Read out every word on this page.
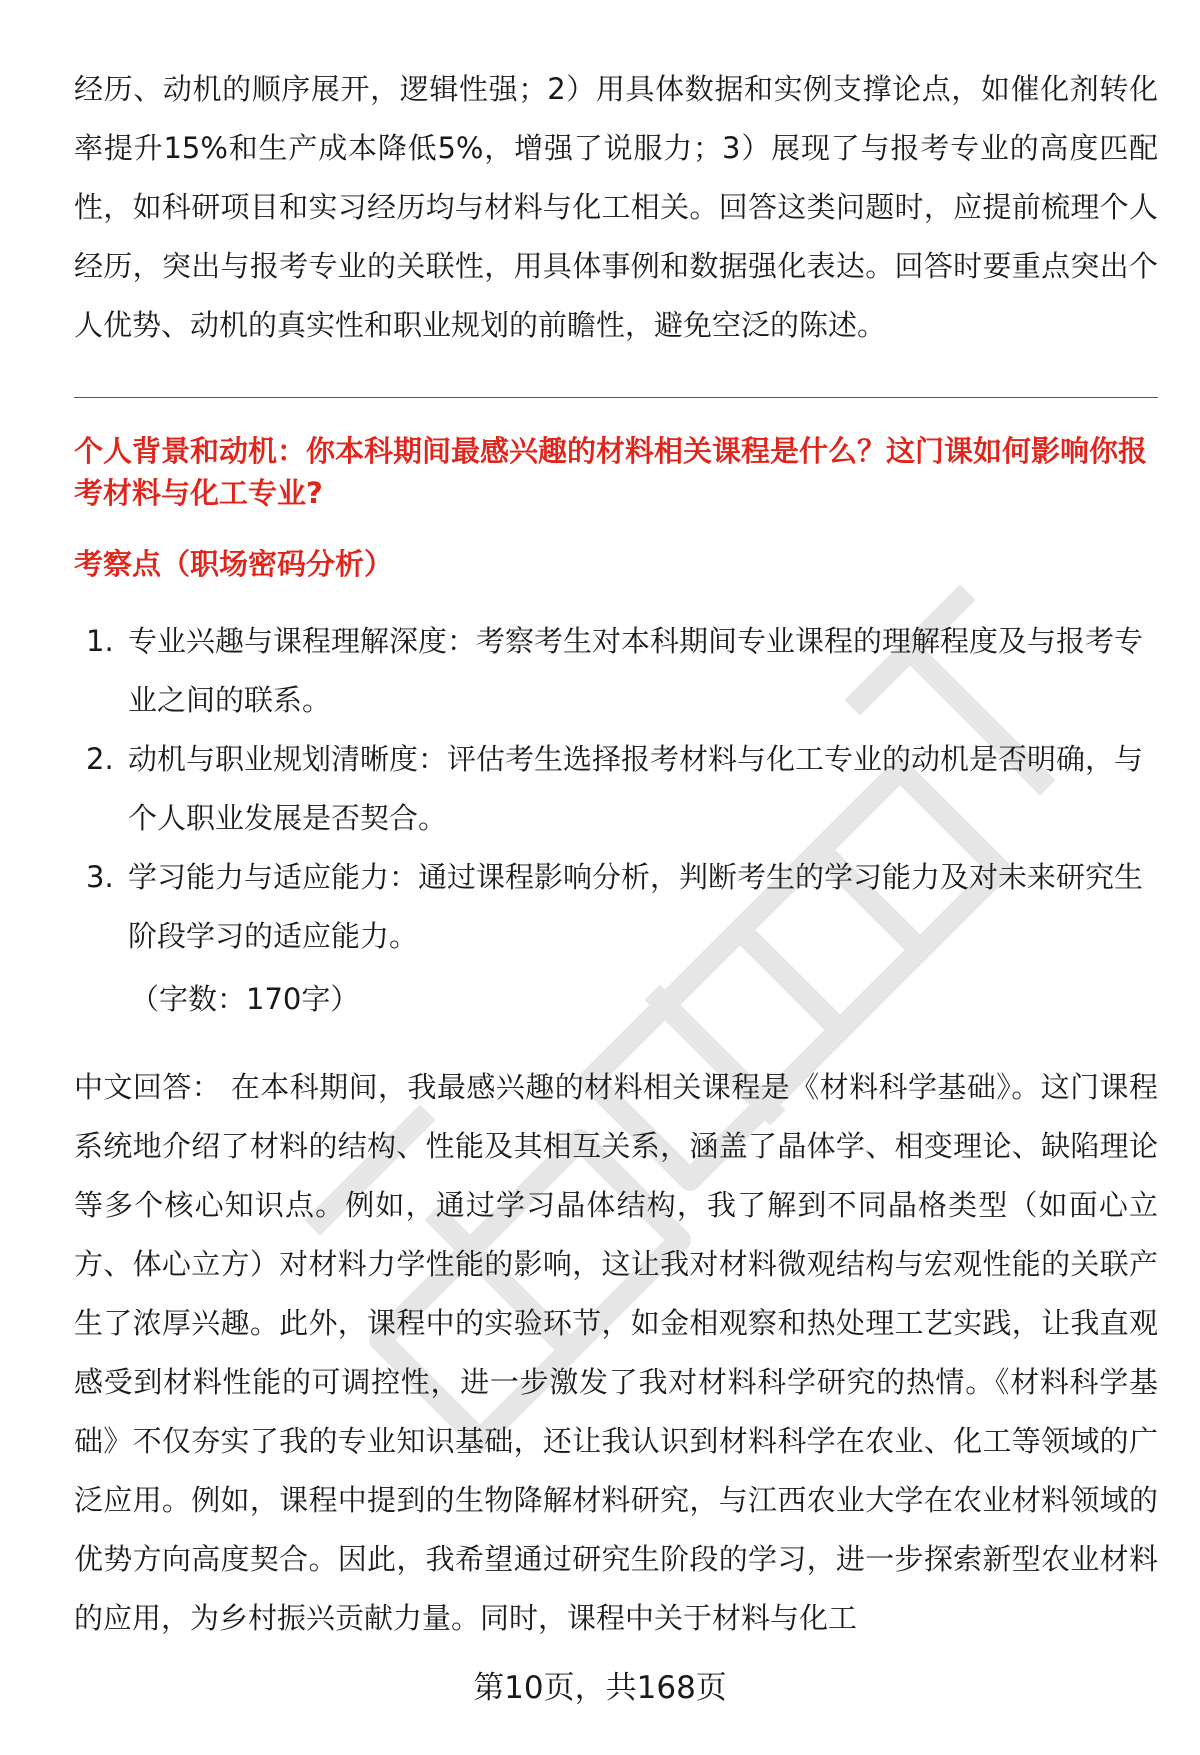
经历、动机的顺序展开，逻辑性强；2）用具体数据和实例支撑论点，如催化剂转化率提升15%和生产成本降低5%，增强了说服力；3）展现了与报考专业的高度匹配性，如科研项目和实习经历均与材料与化工相关。回答这类问题时，应提前梳理个人经历，突出与报考专业的关联性，用具体事例和数据强化表达。回答时要重点突出个人优势、动机的真实性和职业规划的前瞻性，避免空泛的陈述。

个人背景和动机：你本科期间最感兴趣的材料相关课程是什么？这门课如何影响你报考材料与化工专业?
考察点（职场密码分析）
1. 专业兴趣与课程理解深度：考察考生对本科期间专业课程的理解程度及与报考专业之间的联系。
2. 动机与职业规划清晰度：评估考生选择报考材料与化工专业的动机是否明确，与个人职业发展是否契合。
3. 学习能力与适应能力：通过课程影响分析，判断考生的学习能力及对未来研究生阶段学习的适应能力。

（字数：170字）

中文回答： 在本科期间，我最感兴趣的材料相关课程是《材料科学基础》。这门课程系统地介绍了材料的结构、性能及其相互关系，涵盖了晶体学、相变理论、缺陷理论等多个核心知识点。例如，通过学习晶体结构，我了解到不同晶格类型（如面心立方、体心立方）对材料力学性能的影响，这让我对材料微观结构与宏观性能的关联产生了浓厚兴趣。此外，课程中的实验环节，如金相观察和热处理工艺实践，让我直观感受到材料性能的可调控性，进一步激发了我对材料科学研究的热情。《材料科学基础》不仅夯实了我的专业知识基础，还让我认识到材料科学在农业、化工等领域的广泛应用。例如，课程中提到的生物降解材料研究，与江西农业大学在农业材料领域的优势方向高度契合。因此，我希望通过研究生阶段的学习，进一步探索新型农业材料的应用，为乡村振兴贡献力量。同时，课程中关于材料与化工

第10页，共168页
